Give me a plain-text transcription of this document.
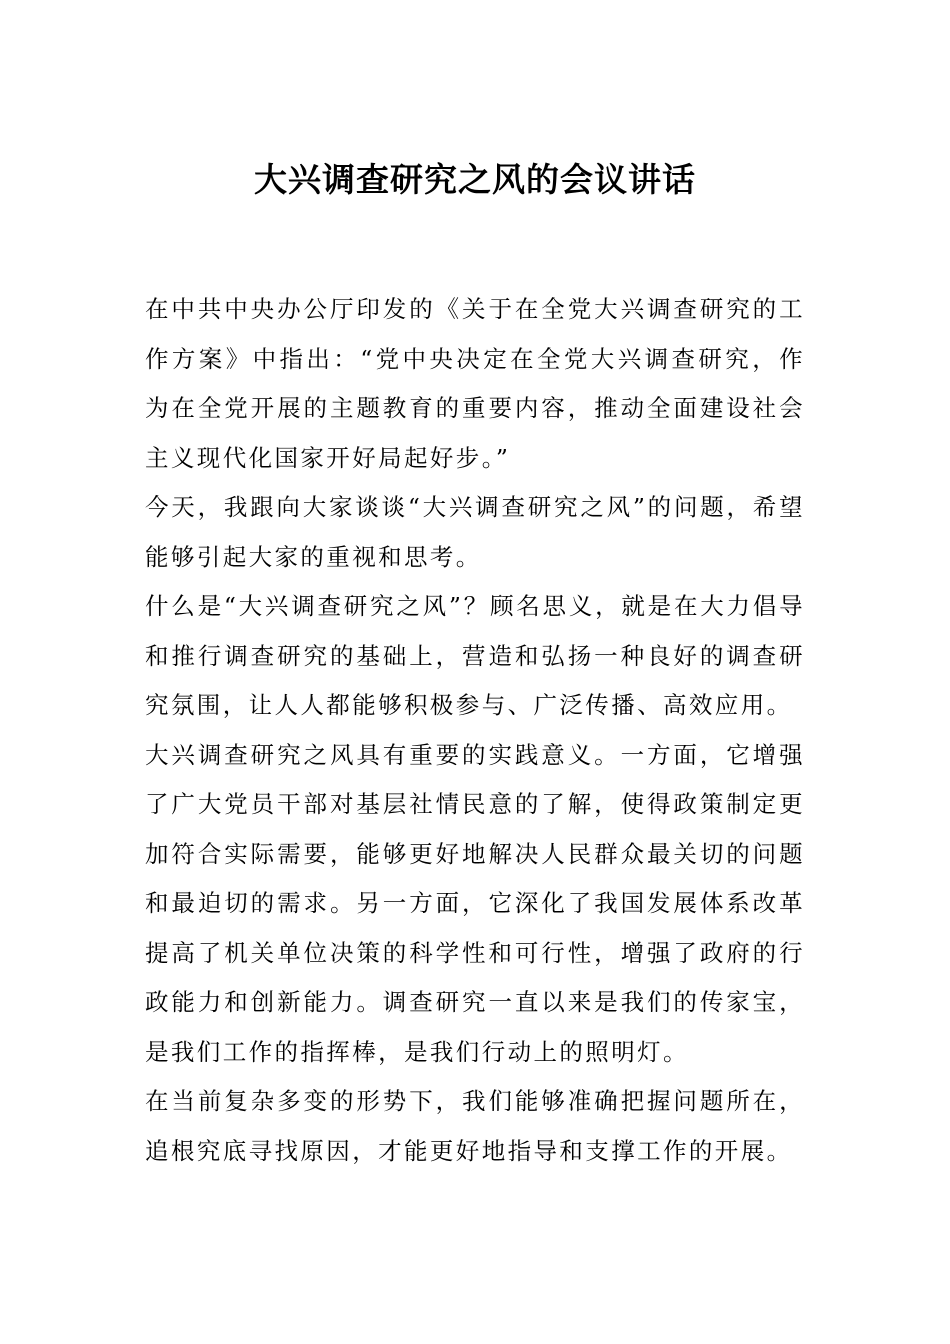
大兴调查研究之风的会议讲话

在中共中央办公厅印发的《关于在全党大兴调查研究的工作方案》中指出：“党中央决定在全党大兴调查研究，作为在全党开展的主题教育的重要内容，推动全面建设社会主义现代化国家开好局起好步。”

今天，我跟向大家谈谈“大兴调查研究之风”的问题，希望能够引起大家的重视和思考。

什么是“大兴调查研究之风”？顾名思义，就是在大力倡导和推行调查研究的基础上，营造和弘扬一种良好的调查研究氛围，让人人都能够积极参与、广泛传播、高效应用。

大兴调查研究之风具有重要的实践意义。一方面，它增强了广大党员干部对基层社情民意的了解，使得政策制定更加符合实际需要，能够更好地解决人民群众最关切的问题和最迫切的需求。另一方面，它深化了我国发展体系改革提高了机关单位决策的科学性和可行性，增强了政府的行政能力和创新能力。调查研究一直以来是我们的传家宝，是我们工作的指挥棒，是我们行动上的照明灯。

在当前复杂多变的形势下，我们能够准确把握问题所在，追根究底寻找原因，才能更好地指导和支撑工作的开展。
